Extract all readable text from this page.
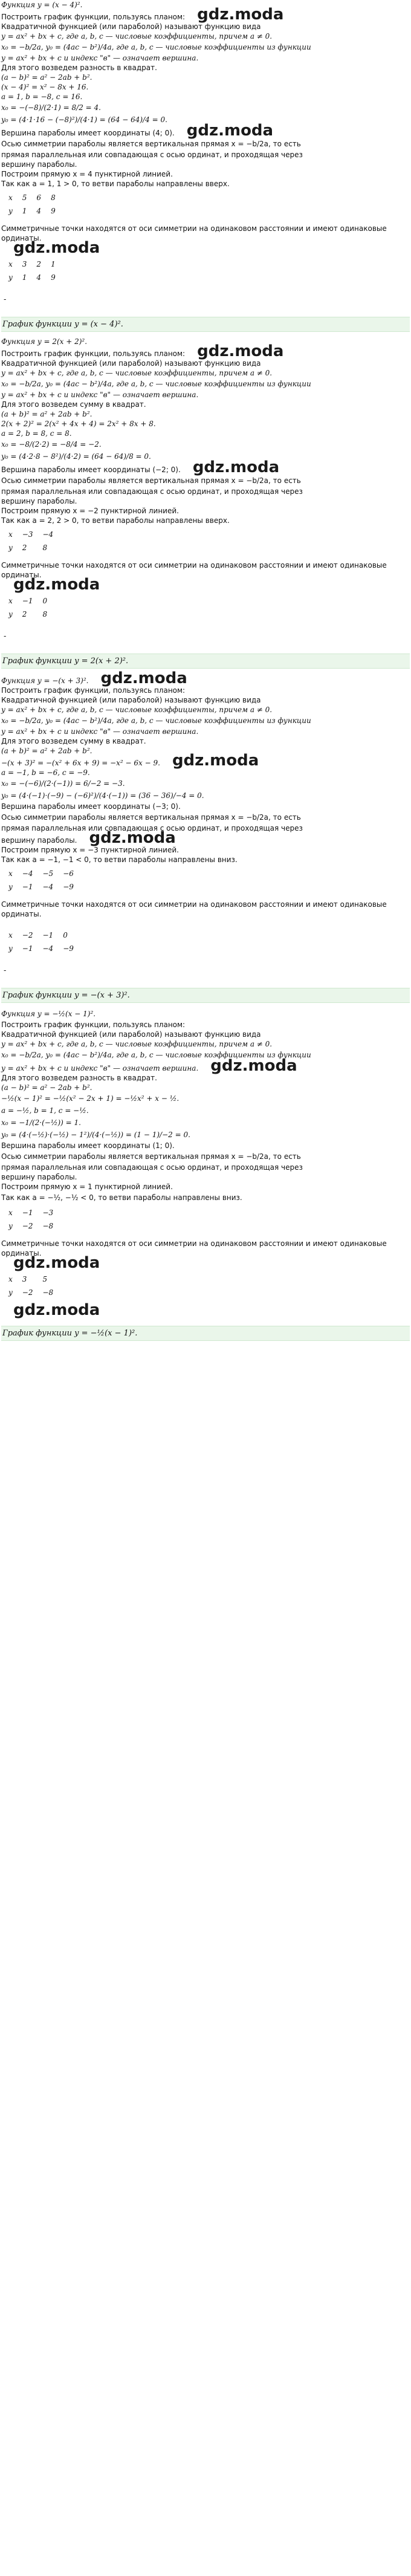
Функция y = (x − 4)².
Построить график функции, пользуясь планом: gdz.moda
Квадратичной функцией (или параболой) называют функцию вида
y = ax² + bx + c, где a, b, c — числовые коэффициенты, причем a ≠ 0.
x₀ = −b/2a, y₀ = (4ac − b²)/4a, где a, b, c — числовые коэффициенты из функции
y = ax² + bx + c и индекс "в" — означает вершина.
Для этого возведем разность в квадрат.
(a − b)² = a² − 2ab + b².
(x − 4)² = x² − 8x + 16.
a = 1, b = −8, c = 16.
x₀ = −(−8)/(2·1) = 8/2 = 4.
y₀ = (4·1·16 − (−8)²)/(4·1) = (64 − 64)/4 = 0.
Вершина параболы имеет координаты (4; 0). gdz.moda
Осью симметрии параболы является вертикальная прямая x = −b/2a, то есть
прямая параллельная или совпадающая с осью ординат, и проходящая через
вершину параболы.
Построим прямую x = 4 пунктирной линией.
Так как a = 1, 1 > 0, то ветви параболы направлены вверх.
x	5	6	8
y	1	4	9
Симметричные точки находятся от оси симметрии на одинаковом расстоянии и имеют одинаковые ординаты.
gdz.moda
x	3	2	1
y	1	4	9
-
График функции y = (x − 4)².
Функция y = 2(x + 2)².
Построить график функции, пользуясь планом: gdz.moda
Квадратичной функцией (или параболой) называют функцию вида
y = ax² + bx + c, где a, b, c — числовые коэффициенты, причем a ≠ 0.
x₀ = −b/2a, y₀ = (4ac − b²)/4a, где a, b, c — числовые коэффициенты из функции
y = ax² + bx + c и индекс "в" — означает вершина.
Для этого возведем сумму в квадрат.
(a + b)² = a² + 2ab + b².
2(x + 2)² = 2(x² + 4x + 4) = 2x² + 8x + 8.
a = 2, b = 8, c = 8.
x₀ = −8/(2·2) = −8/4 = −2.
y₀ = (4·2·8 − 8²)/(4·2) = (64 − 64)/8 = 0.
Вершина параболы имеет координаты (−2; 0). gdz.moda
Осью симметрии параболы является вертикальная прямая x = −b/2a, то есть
прямая параллельная или совпадающая с осью ординат, и проходящая через
вершину параболы.
Построим прямую x = −2 пунктирной линией.
Так как a = 2, 2 > 0, то ветви параболы направлены вверх.
x	−3	−4
y	2	8
Симметричные точки находятся от оси симметрии на одинаковом расстоянии и имеют одинаковые ординаты.
gdz.moda
x	−1	0
y	2	8
-
График функции y = 2(x + 2)².
Функция y = −(x + 3)². gdz.moda
Построить график функции, пользуясь планом:
Квадратичной функцией (или параболой) называют функцию вида
y = ax² + bx + c, где a, b, c — числовые коэффициенты, причем a ≠ 0.
x₀ = −b/2a, y₀ = (4ac − b²)/4a, где a, b, c — числовые коэффициенты из функции
y = ax² + bx + c и индекс "в" — означает вершина.
Для этого возведем сумму в квадрат.
(a + b)² = a² + 2ab + b².
−(x + 3)² = −(x² + 6x + 9) = −x² − 6x − 9. gdz.moda
a = −1, b = −6, c = −9.
x₀ = −(−6)/(2·(−1)) = 6/−2 = −3.
y₀ = (4·(−1)·(−9) − (−6)²)/(4·(−1)) = (36 − 36)/−4 = 0.
Вершина параболы имеет координаты (−3; 0).
Осью симметрии параболы является вертикальная прямая x = −b/2a, то есть
прямая параллельная или совпадающая с осью ординат, и проходящая через
вершину параболы. gdz.moda
Построим прямую x = −3 пунктирной линией.
Так как a = −1, −1 < 0, то ветви параболы направлены вниз.
x	−4	−5	−6
y	−1	−4	−9
Симметричные точки находятся от оси симметрии на одинаковом расстоянии и имеют одинаковые ординаты.
x	−2	−1	0
y	−1	−4	−9
-
График функции y = −(x + 3)².
Функция y = −½(x − 1)².
Построить график функции, пользуясь планом:
Квадратичной функцией (или параболой) называют функцию вида
y = ax² + bx + c, где a, b, c — числовые коэффициенты, причем a ≠ 0.
x₀ = −b/2a, y₀ = (4ac − b²)/4a, где a, b, c — числовые коэффициенты из функции
y = ax² + bx + c и индекс "в" — означает вершина. gdz.moda
Для этого возведем разность в квадрат.
(a − b)² = a² − 2ab + b².
−½(x − 1)² = −½(x² − 2x + 1) = −½x² + x − ½.
a = −½, b = 1, c = −½.
x₀ = −1/(2·(−½)) = 1.
y₀ = (4·(−½)·(−½) − 1²)/(4·(−½)) = (1 − 1)/−2 = 0.
Вершина параболы имеет координаты (1; 0).
Осью симметрии параболы является вертикальная прямая x = −b/2a, то есть
прямая параллельная или совпадающая с осью ординат, и проходящая через
вершину параболы.
Построим прямую x = 1 пунктирной линией.
Так как a = −½, −½ < 0, то ветви параболы направлены вниз.
x	−1	−3
y	−2	−8
Симметричные точки находятся от оси симметрии на одинаковом расстоянии и имеют одинаковые ординаты.
gdz.moda
x	3	5
y	−2	−8
gdz.moda
График функции y = −½(x − 1)².
